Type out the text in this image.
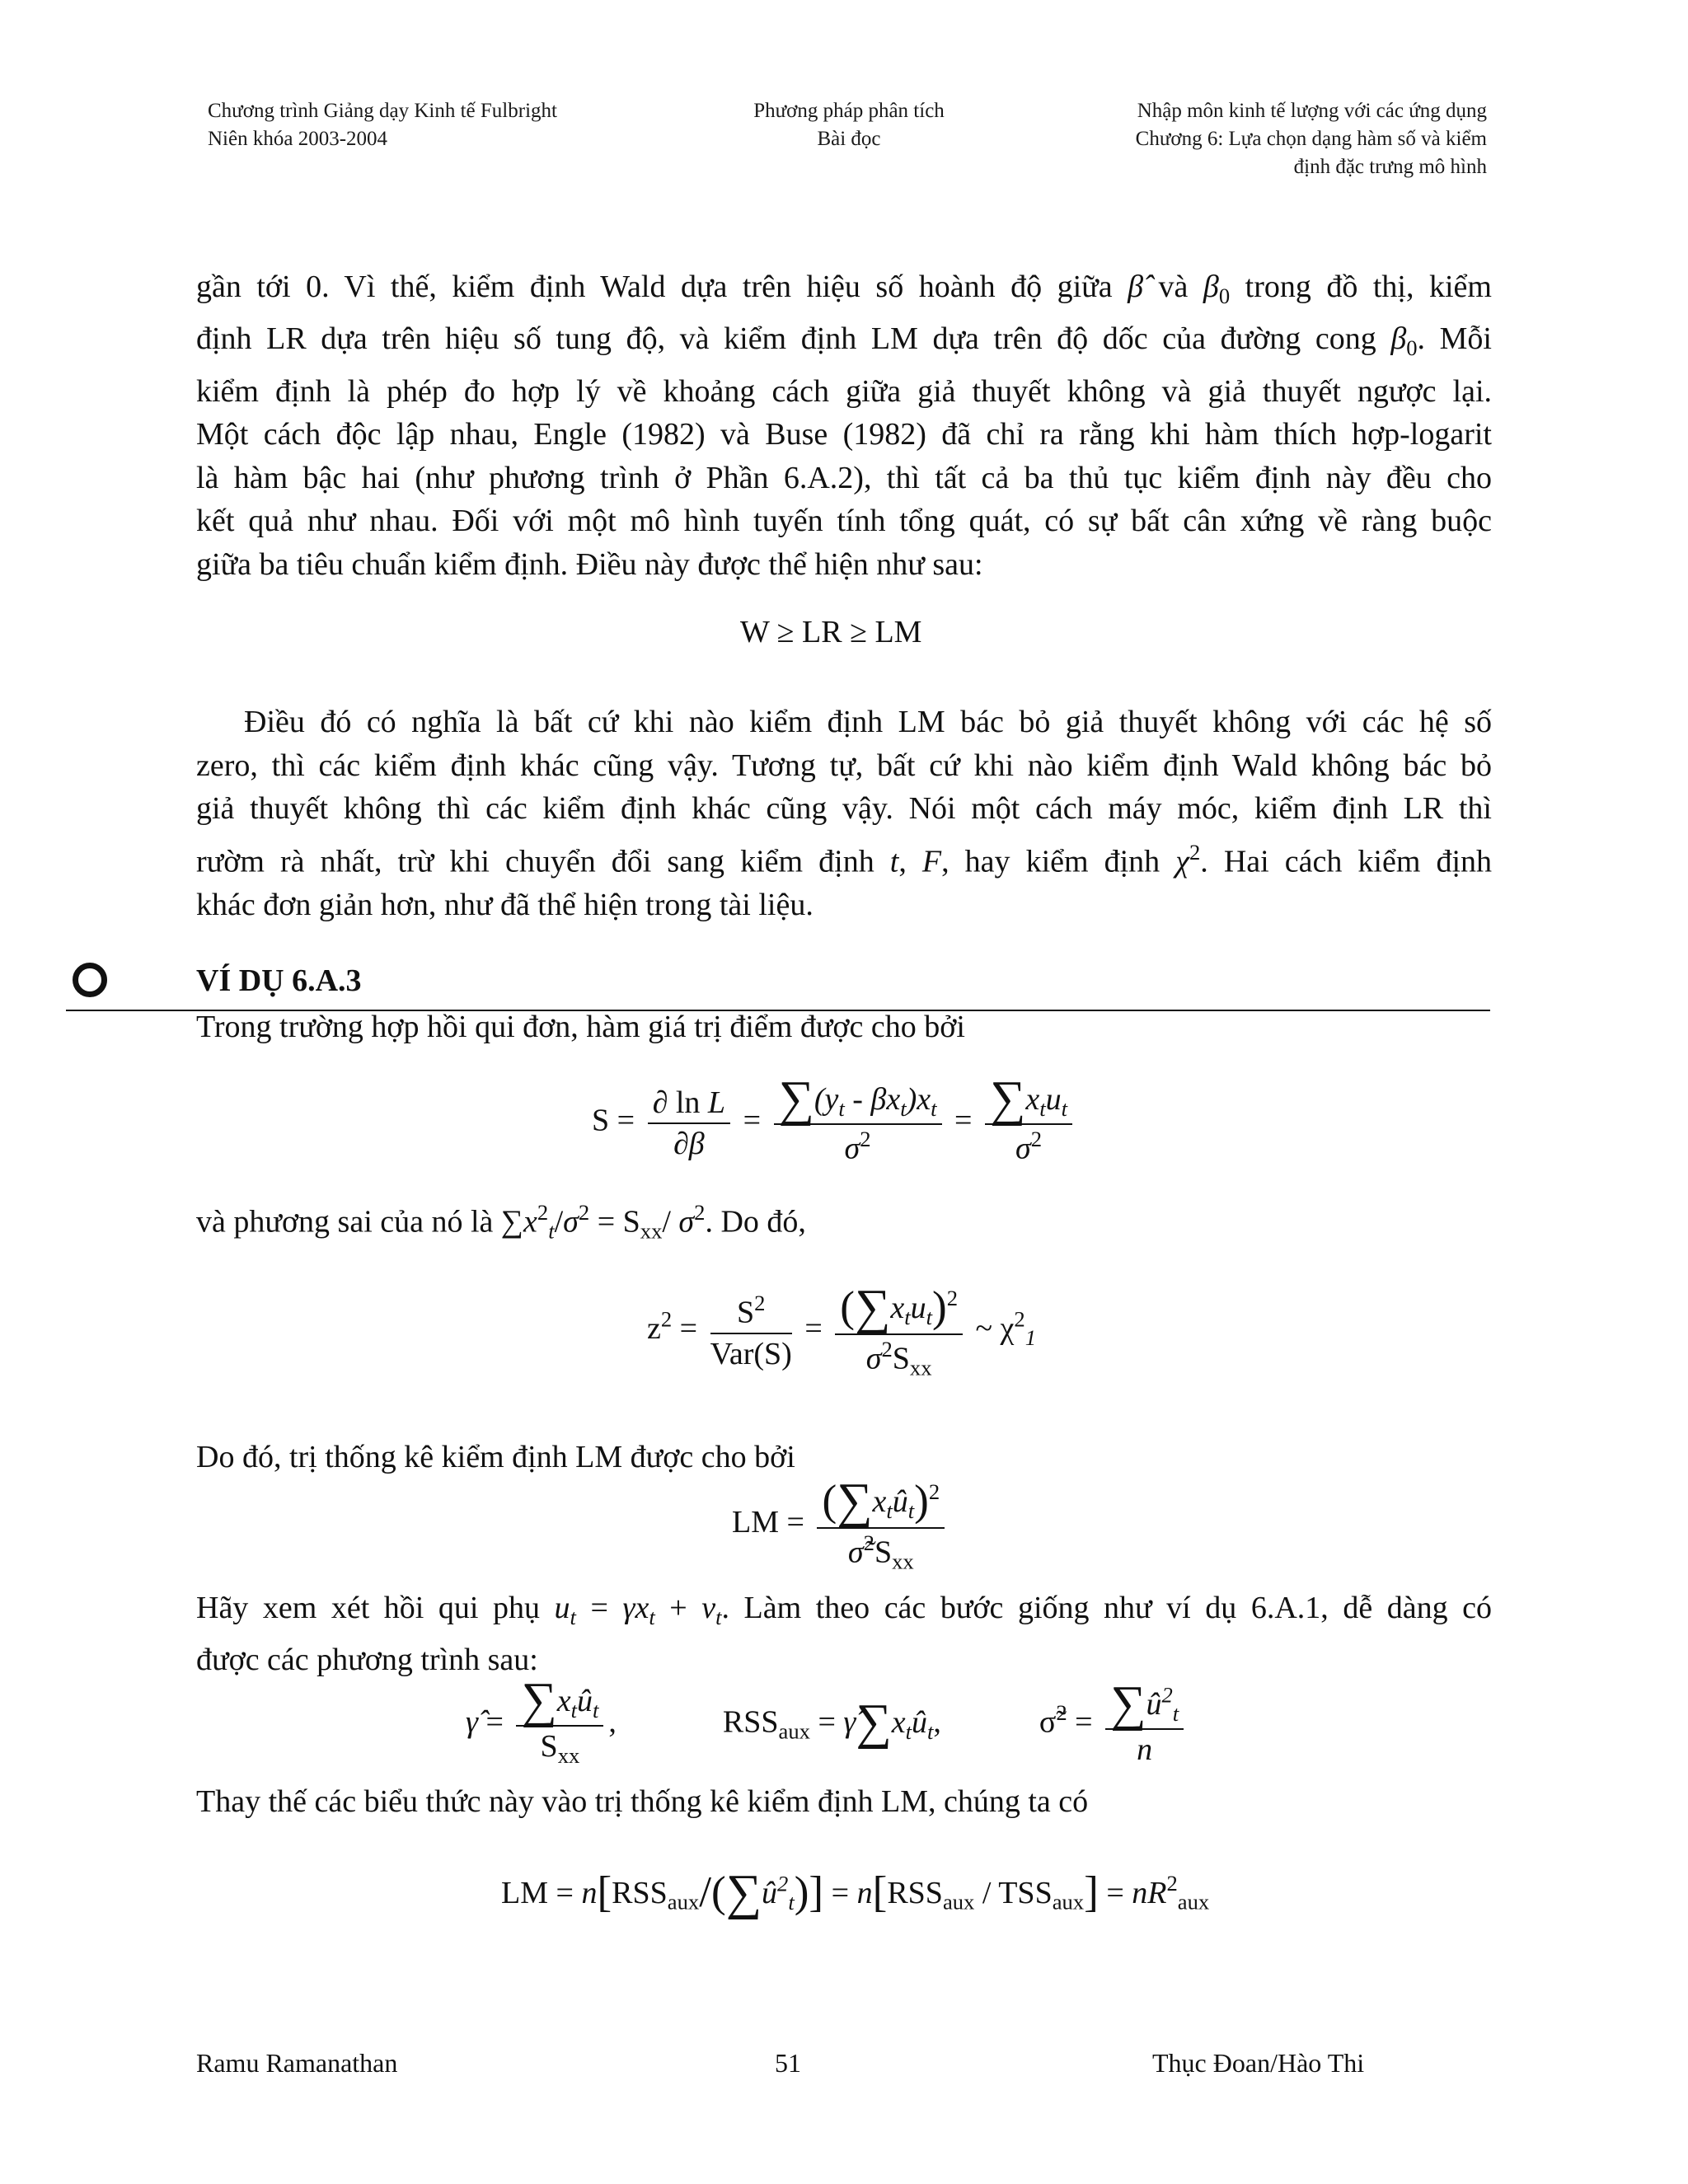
Chương trình Giảng dạy Kinh tế Fulbright
Niên khóa 2003-2004
Phương pháp phân tích
Bài đọc
Nhập môn kinh tế lượng với các ứng dụng
Chương 6: Lựa chọn dạng hàm số và kiểm
định đặc trưng mô hình
gần tới 0. Vì thế, kiểm định Wald dựa trên hiệu số hoành độ giữa β̂ và $\beta_0$ trong đồ thị, kiểm
định LR dựa trên hiệu số tung độ, và kiểm định LM dựa trên độ dốc của đường cong $\beta_0$. Mỗi
kiểm định là phép đo hợp lý về khoảng cách giữa giả thuyết không và giả thuyết ngược lại.
Một cách độc lập nhau, Engle (1982) và Buse (1982) đã chỉ ra rằng khi hàm thích hợp-logarit
là hàm bậc hai (như phương trình ở Phần 6.A.2), thì tất cả ba thủ tục kiểm định này đều cho
kết quả như nhau. Đối với một mô hình tuyến tính tổng quát, có sự bất cân xứng về ràng buộc
giữa ba tiêu chuẩn kiểm định. Điều này được thể hiện như sau:
W ≥ LR ≥ LM
Điều đó có nghĩa là bất cứ khi nào kiểm định LM bác bỏ giả thuyết không với các hệ số
zero, thì các kiểm định khác cũng vậy. Tương tự, bất cứ khi nào kiểm định Wald không bác bỏ
giả thuyết không thì các kiểm định khác cũng vậy. Nói một cách máy móc, kiểm định LR thì
rườm rà nhất, trừ khi chuyển đổi sang kiểm định t, F, hay kiểm định $\chi^2$. Hai cách kiểm định
khác đơn giản hơn, như đã thể hiện trong tài liệu.
VÍ DỤ 6.A.3
Trong trường hợp hồi qui đơn, hàm giá trị điểm được cho bởi
$S = \frac{\text{∂ ln L}}{\partial\beta} = \frac{\sum(y_t - \beta x_t)x_t}{\sigma^2} = \frac{\sum x_tu_t}{\sigma^2}$
và phương sai của nó là $\sum x^2_t/\sigma^2 = S_{xx}/$ $\sigma^2$. Do đó,
$z^2 = \frac{S^2}{\text{Var(S)}} = \frac{(\sum x_tu_t)^2}{\sigma^2S_{xx}}$ ~ $\chi^2_1$
Do đó, trị thống kê kiểm định LM được cho bởi
LM = $\frac{(\sum x_tû_t)^2}{\sigmã^2S_{xx}}$
Hãy xem xét hồi qui phụ $u_t = \gamma x_t + v_t$. Làm theo các bước giống như ví dụ 6.A.1, dễ dàng có
được các phương trình sau:
γ̂ = $\frac{\sum x_tû_t}{S_{xx}}$ ,	$RSS_{aux}$ = $\gammâ\sum x_tû_t$,	σ̃$^2$ = $\frac{\sum û^2_t}{n}$
Thay thế các biểu thức này vào trị thống kê kiểm định LM, chúng ta có
LM = $n[RSS_{aux}/(\sum û^2_t)] = n[RSS_{aux} / TSS_{aux}] = nR^2_{aux}$
Ramu Ramanathan	51	Thục Đoan/Hào Thi
